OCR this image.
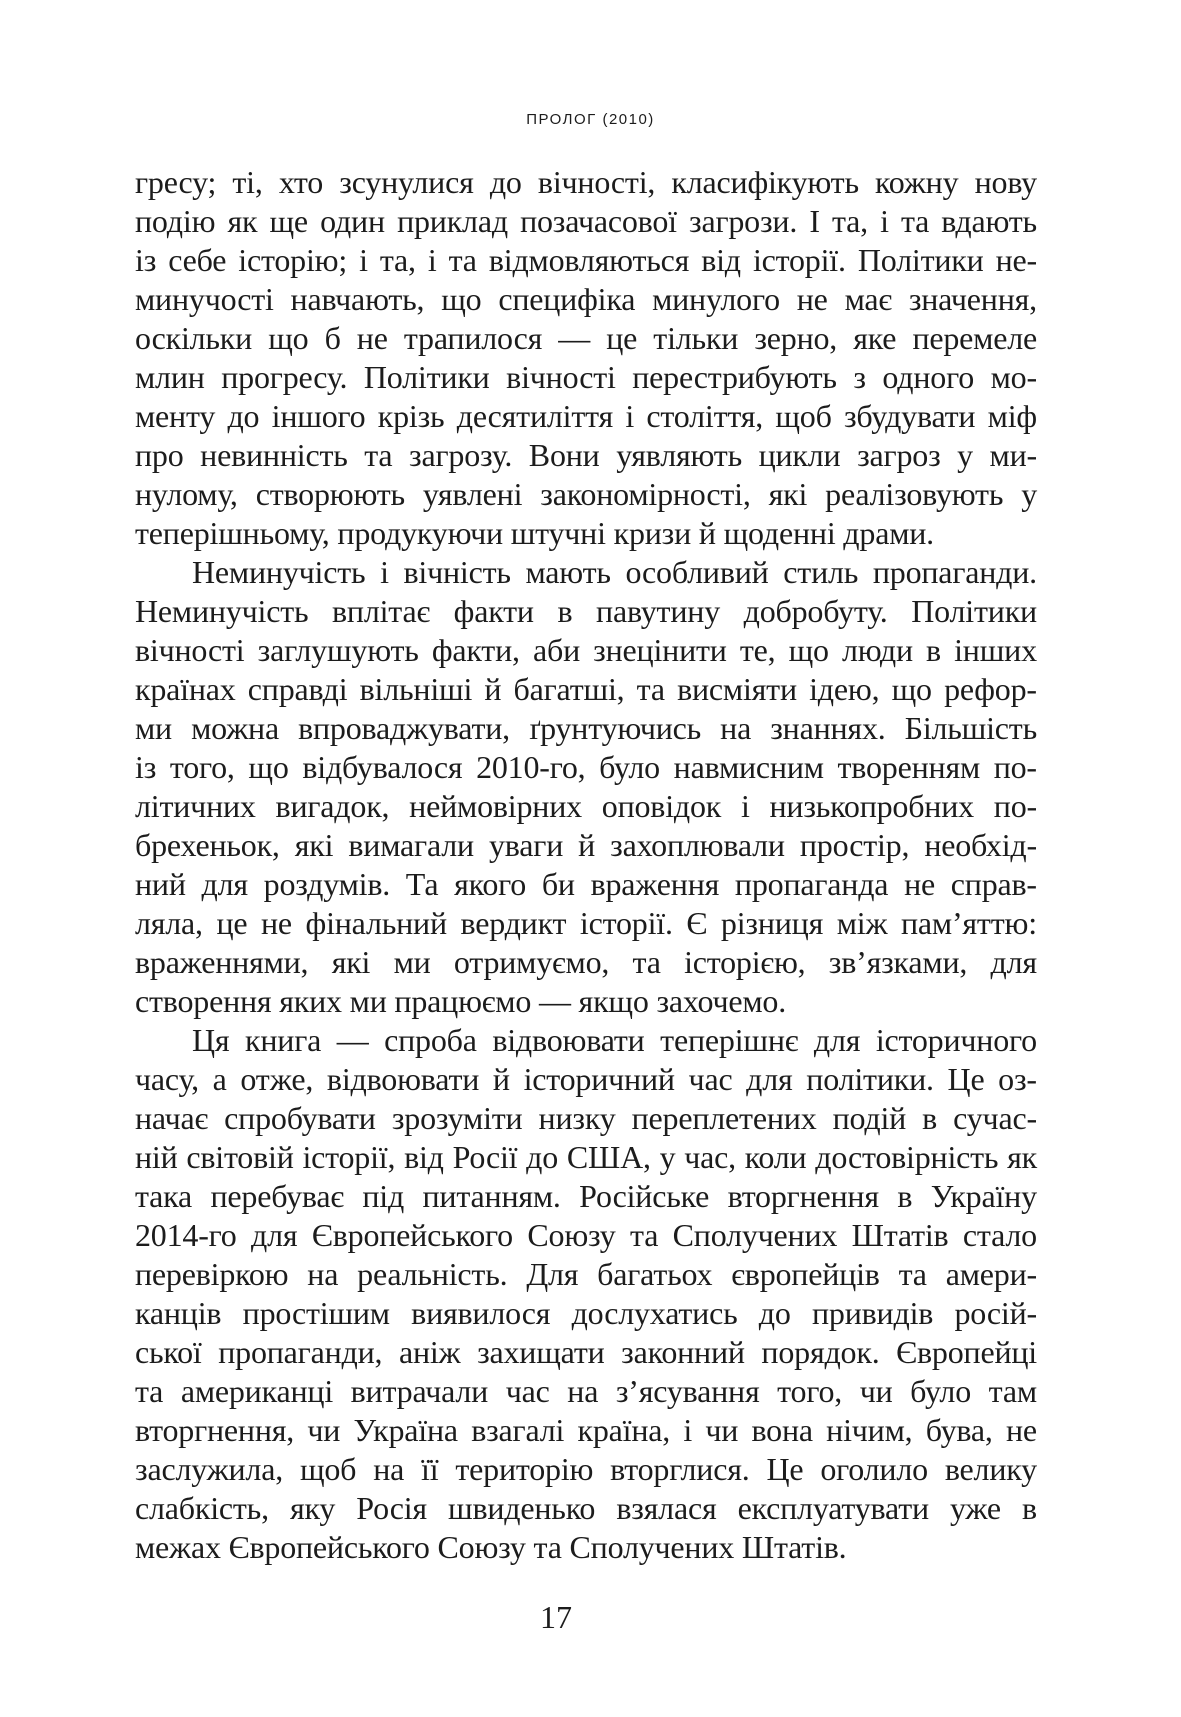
ПРОЛОГ (2010)
гресу; ті, хто зсунулися до вічності, класифікують кожну нову
подію як ще один приклад позачасової загрози. І та, і та вдають
із себе історію; і та, і та відмовляються від історії. Політики не-
минучості навчають, що специфіка минулого не має значення,
оскільки що б не трапилося — це тільки зерно, яке перемеле
млин прогресу. Політики вічності перестрибують з одного мо-
менту до іншого крізь десятиліття і століття, щоб збудувати міф
про невинність та загрозу. Вони уявляють цикли загроз у ми-
нулому, створюють уявлені закономірності, які реалізовують у
теперішньому, продукуючи штучні кризи й щоденні драми.
Неминучість і вічність мають особливий стиль пропаганди.
Неминучість вплітає факти в павутину добробуту. Політики
вічності заглушують факти, аби знецінити те, що люди в інших
країнах справді вільніші й багатші, та висміяти ідею, що рефор-
ми можна впроваджувати, ґрунтуючись на знаннях. Більшість
із того, що відбувалося 2010-го, було навмисним творенням по-
літичних вигадок, неймовірних оповідок і низькопробних по-
брехеньок, які вимагали уваги й захоплювали простір, необхід-
ний для роздумів. Та якого би враження пропаганда не справ-
ляла, це не фінальний вердикт історії. Є різниця між пам’яттю:
враженнями, які ми отримуємо, та історією, зв’язками, для
створення яких ми працюємо — якщо захочемо.
Ця книга — спроба відвоювати теперішнє для історичного
часу, а отже, відвоювати й історичний час для політики. Це оз-
начає спробувати зрозуміти низку переплетених подій в сучас-
ній світовій історії, від Росії до США, у час, коли достовірність як
така перебуває під питанням. Російське вторгнення в Україну
2014-го для Європейського Союзу та Сполучених Штатів стало
перевіркою на реальність. Для багатьох європейців та амери-
канців простішим виявилося дослухатись до привидів росій-
ської пропаганди, аніж захищати законний порядок. Європейці
та американці витрачали час на з’ясування того, чи було там
вторгнення, чи Україна взагалі країна, і чи вона нічим, бува, не
заслужила, щоб на її територію вторглися. Це оголило велику
слабкість, яку Росія швиденько взялася експлуатувати уже в
межах Європейського Союзу та Сполучених Штатів.
17
